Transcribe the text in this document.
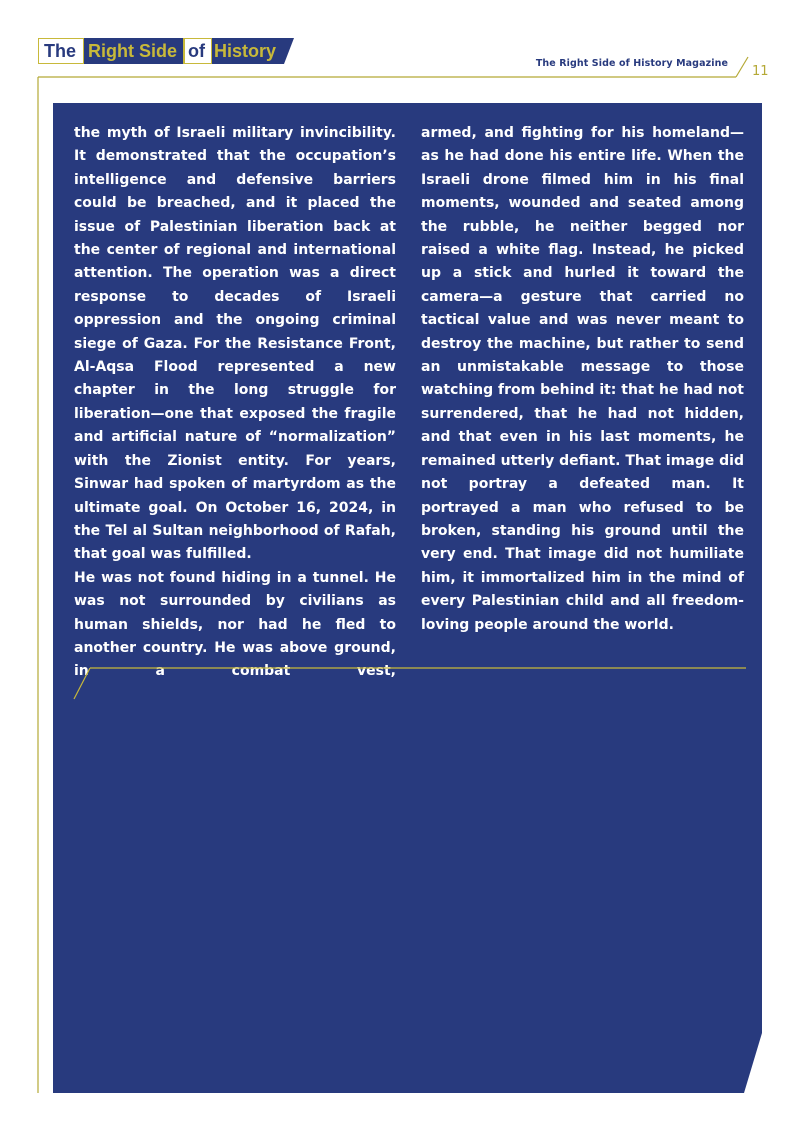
The Right Side of History
The Right Side of History Magazine
11

the myth of Israeli military invincibility. It demonstrated that the occupation’s intelligence and defensive barriers could be breached, and it placed the issue of Palestinian liberation back at the center of regional and international attention. The operation was a direct response to decades of Israeli oppression and the ongoing criminal siege of Gaza. For the Resistance Front, Al-Aqsa Flood represented a new chapter in the long struggle for liberation—one that exposed the fragile and artificial nature of “normalization” with the Zionist entity. For years, Sinwar had spoken of martyrdom as the ultimate goal. On October 16, 2024, in the Tel al Sultan neighborhood of Rafah, that goal was fulfilled.

He was not found hiding in a tunnel. He was not surrounded by civilians as human shields, nor had he fled to another country. He was above ground, in a combat vest,

armed, and fighting for his homeland—as he had done his entire life. When the Israeli drone filmed him in his final moments, wounded and seated among the rubble, he neither begged nor raised a white flag. Instead, he picked up a stick and hurled it toward the camera—a gesture that carried no tactical value and was never meant to destroy the machine, but rather to send an unmistakable message to those watching from behind it: that he had not surrendered, that he had not hidden, and that even in his last moments, he remained utterly defiant. That image did not portray a defeated man. It portrayed a man who refused to be broken, standing his ground until the very end. That image did not humiliate him, it immortalized him in the mind of every Palestinian child and all freedom-loving people around the world.
